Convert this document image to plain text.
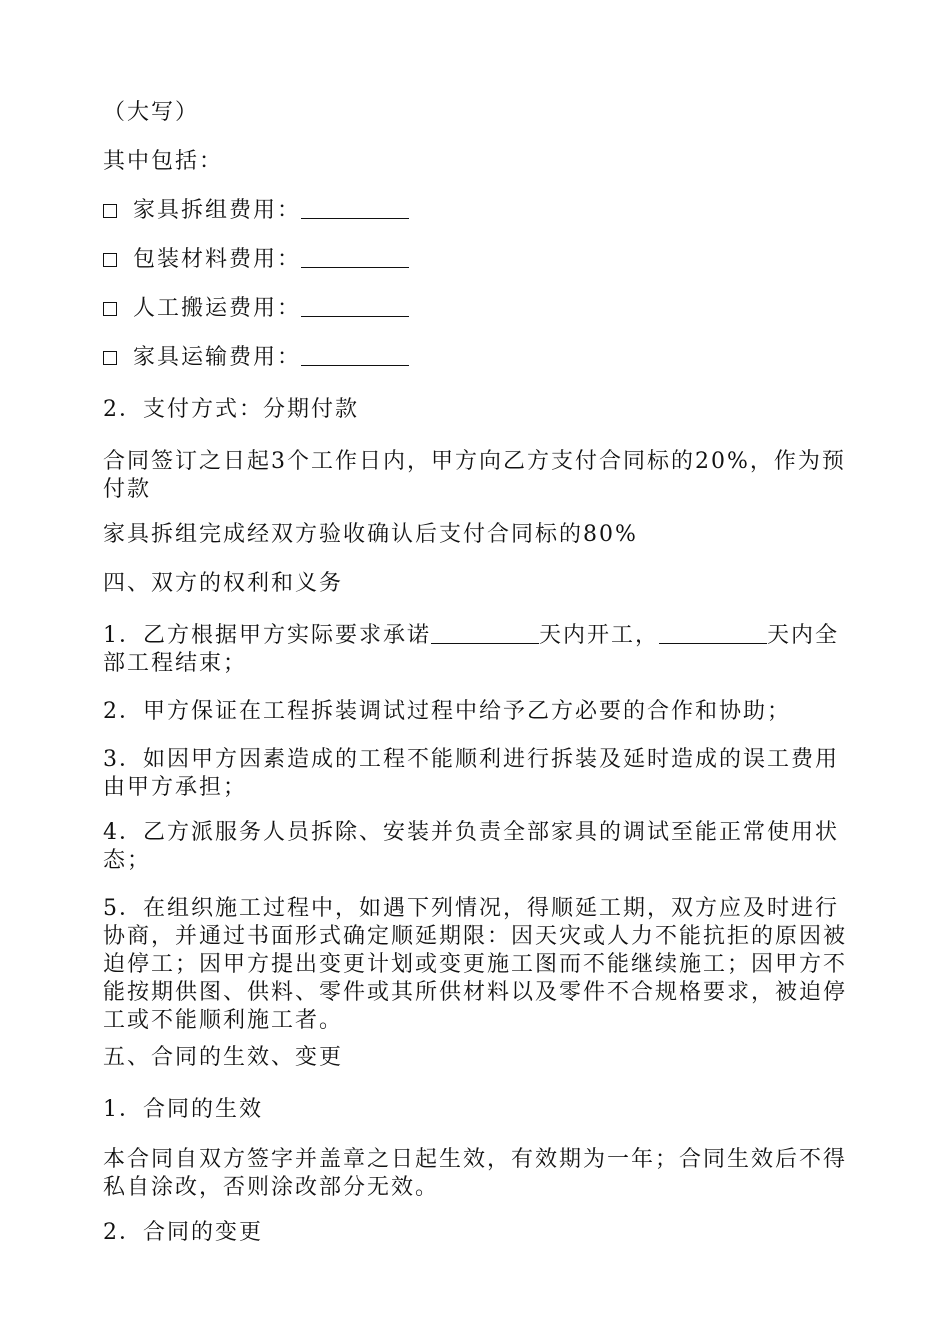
（大写）
其中包括：
家具拆组费用：
包装材料费用：
人工搬运费用：
家具运输费用：
2．支付方式：分期付款
合同签订之日起3个工作日内，甲方向乙方支付合同标的20%，作为预付款
家具拆组完成经双方验收确认后支付合同标的80%
四、双方的权利和义务
1．乙方根据甲方实际要求承诺	天内开工，	天内全部工程结束；
2．甲方保证在工程拆装调试过程中给予乙方必要的合作和协助；
3．如因甲方因素造成的工程不能顺利进行拆装及延时造成的误工费用由甲方承担；
4．乙方派服务人员拆除、安装并负责全部家具的调试至能正常使用状态；
5．在组织施工过程中，如遇下列情况，得顺延工期，双方应及时进行协商，并通过书面形式确定顺延期限：因天灾或人力不能抗拒的原因被迫停工；因甲方提出变更计划或变更施工图而不能继续施工；因甲方不能按期供图、供料、零件或其所供材料以及零件不合规格要求，被迫停工或不能顺利施工者。
五、合同的生效、变更
1．合同的生效
本合同自双方签字并盖章之日起生效，有效期为一年；合同生效后不得私自涂改，否则涂改部分无效。
2．合同的变更
